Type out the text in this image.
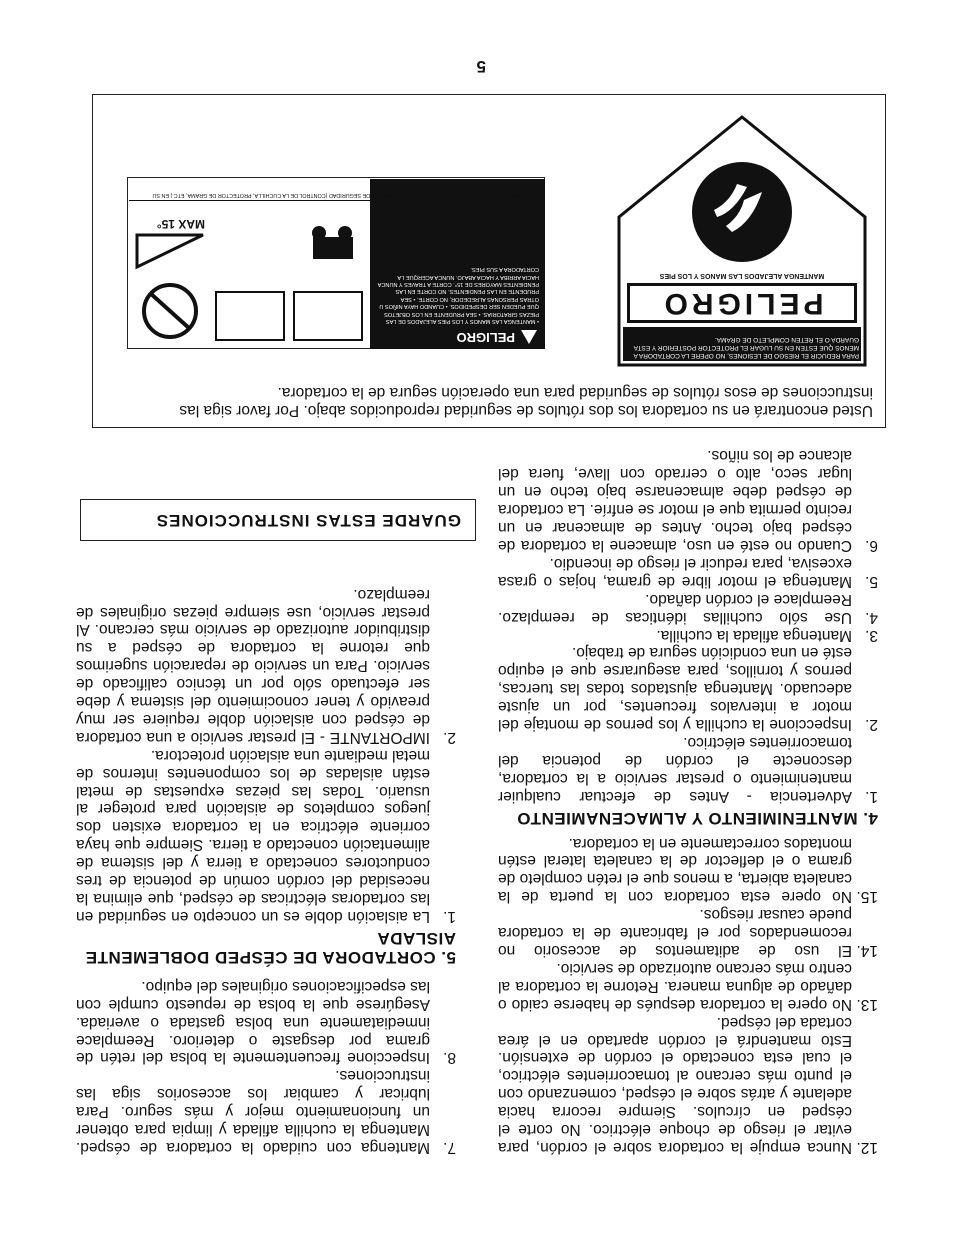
5
12.
Nunca empuje la cortadora sobre el cordón, para evitar el riesgo de choque eléctrico. No corte el césped en círculos. Siempre recorra hacia adelante y atrás sobre el césped, comenzando con el punto más cercano al tomacorrientes eléctrico, el cual esta conectado el cordón de extensión. Esto mantendrá el cordón apartado en el área cortada del césped.
13.
No opere la cortadora después de haberse caido o dañado de alguna manera. Retorne la cortadora al centro más cercano autorizado de servicio.
14.
El uso de aditamentos de accesorio no recomendados por el fabricante de la cortadora puede causar riesgos.
15.
No opere esta cortadora con la puerta de la canaleta abierta, a menos que el retén completo de grama o el deflector de la canaleta lateral estén montados correctamente en la cortadora.
4. MANTENIMIENTO Y ALMACENAMIENTO
1.
Advertencia - Antes de efectuar cualquier mantenimiento o prestar servicio a la cortadora, desconecte el cordón de potencia del tomacorrientes eléctrico.
2.
Inspeccione la cuchilla y los pernos de montaje del motor a intervalos frecuentes, por un ajuste adecuado. Mantenga ajustados todas las tuercas, pernos y tornillos, para asegurarse que el equipo esté en una condición segura de trabajo.
3.
Mantenga afilada la cuchilla.
4.
Use sólo cuchillas idénticas de reemplazo. Reemplace el cordón dañado.
5.
Mantenga el motor libre de grama, hojas o grasa excesiva, para reducir el riesgo de incendio.
6.
Cuando no esté en uso, almacene la cortadora de césped bajo techo. Antes de almacenar en un recinto permita que el motor se enfríe. La cortadora de césped debe almacenarse bajo techo en un lugar seco, alto o cerrado con llave, fuera del alcance de los niños.
7.
Mantenga con cuidado la cortadora de césped. Mantenga la cuchilla afilada y limpia para obtener un funcionamiento mejor y más seguro. Para lubricar y cambiar los accesorios siga las instrucciones.
8.
Inspeccione frecuentemente la bolsa del retén de grama por desgaste o deterioro. Reemplace inmediatamente una bolsa gastada o averiada. Asegúrese que la bolsa de repuesto cumple con las especificaciones originales del equipo.
5. CORTADORA DE CÉSPED DOBLEMENTE AISLADA
1.
La aislación doble es un concepto en seguridad en las cortadoras eléctricas de césped, que elimina la necesidad del cordón común de potencia de tres conductores conectado a tierra y del sistema de alimentación conectado a tierra. Siempre que haya corriente eléctrica en la cortadora existen dos juegos completos de aislación para proteger al usuario. Todas las piezas expuestas de metal están aisladas de los componentes internos de metal mediante una aislación protectora.
2.
IMPORTANTE - El prestar servicio a una cortadora de césped con aislación doble requiere ser muy preavido y tener conocimiento del sistema y debe ser efectuado sólo por un técnico calificado de servicio. Para un servicio de reparación sugerimos que retorne la cortadora de césped a su distribuidor autorizado de servicio más cercano. Al prestar servicio, use siempre piezas originales de reemplazo.
GUARDE ESTAS INSTRUCCIONES
Usted encontrará en su cortadora los dos rótulos de seguridad reproducidos abajo. Por favor siga las instrucciones de esos rótulos de seguridad para una operación segura de la cortadora.
PARA REDUCIR EL RIESGO DE LESIONES, NO OPERE LA CORTADORA A MENOS QUE ESTEN EN SU LUGAR EL PROTECTOR POSTERIOR Y ESTA GUARDA O EL RETEN COMPLETO DE GRAMA.
PELIGRO
MANTENGA ALEJADOS LAS MANOS Y LOS PIES
PELIGRO
• MANTENGA LAS MANOS Y LOS PIES ALEJADOS DE LAS PIEZAS GIRATORIAS. • SEA PRUDENTE EN LOS OBJETOS QUE PUEDEN SER DESPEDIDOS. • CUANDO HAYA NIÑOS U OTRAS PERSONAS ALREDEDOR, NO CORTE. • SEA PRUDENTE EN LAS PENDIENTES. NO CORTE EN LAS PENDIENTES MAYORES DE 15°. CORTE A TRAVES Y NUNCA HACIA ARRIBA Y HACIA ABAJO. NUNCA ACERQUE LA CORTADORA A SUS PIES.
MAX 15°
LEA EL MANUAL DEL OPERADOR. MANTENGA LOS MECANISMOS DE SEGURIDAD (CONTROL DE LA CUCHILLA, PROTECTOR DE GRAMA, ETC.) EN SU LUGAR Y FUNCIONANDO.
